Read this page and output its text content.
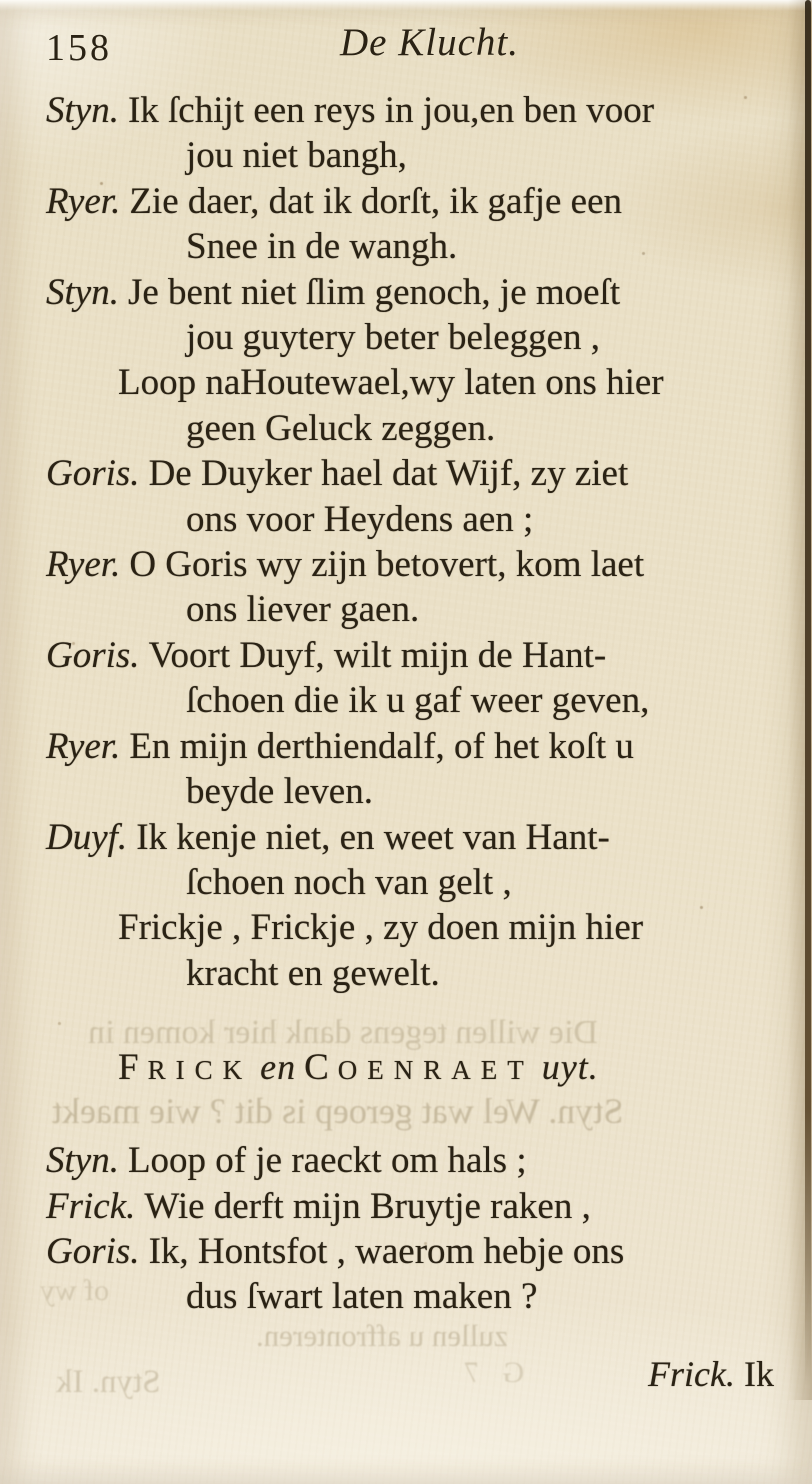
Die willen tegens dank hier komen in
Styn. Wel wat geroep is dit ? wie maekt
zullen u affronteren.
Styn. Ik	G 7
of wy
158	De Klucht.
Styn. Ik ſchijt een reys in jou,en ben voor
jou niet bangh,
Ryer. Zie daer, dat ik dorſt, ik gafje een
Snee in de wangh.
Styn. Je bent niet ſlim genoch, je moeſt
jou guytery beter beleggen ,
Loop naHoutewael,wy laten ons hier
geen Geluck zeggen.
Goris. De Duyker hael dat Wijf, zy ziet
ons voor Heydens aen ;
Ryer. O Goris wy zijn betovert, kom laet
ons liever gaen.
Goris. Voort Duyf, wilt mijn de Hant-
ſchoen die ik u gaf weer geven,
Ryer. En mijn derthiendalf, of het koſt u
beyde leven.
Duyf. Ik kenje niet, en weet van Hant-
ſchoen noch van gelt ,
Frickje , Frickje , zy doen mijn hier
kracht en gewelt.
FRICK en COENRAET uyt.
Styn. Loop of je raeckt om hals ;
Frick. Wie derft mijn Bruytje raken ,
Goris. Ik, Hontsfot , waerom hebje ons
dus ſwart laten maken ?
Frick. Ik
